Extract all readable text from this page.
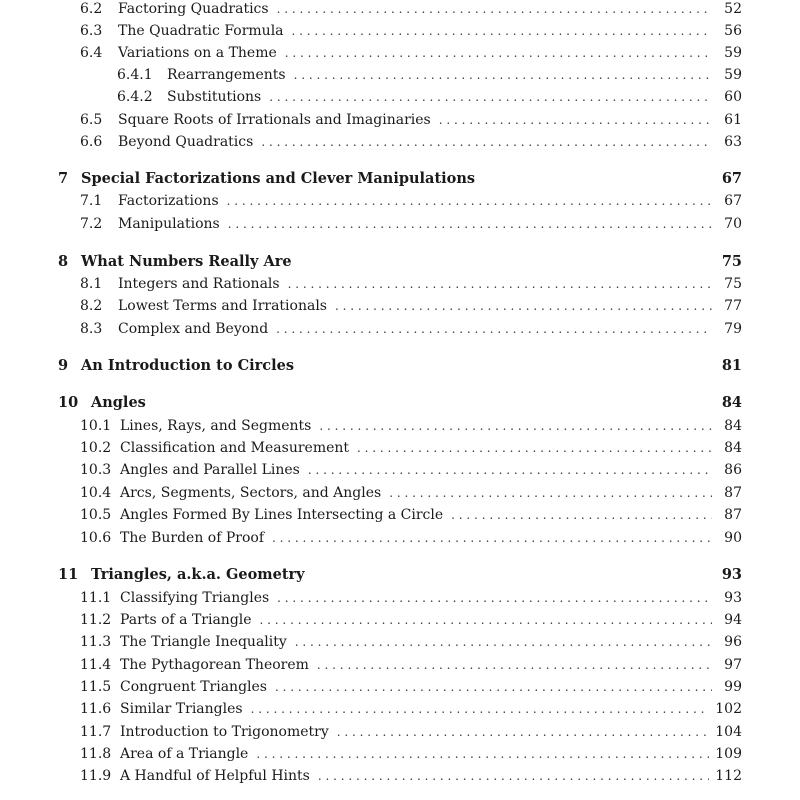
6.2	Factoring Quadratics . . .	52
6.3	The Quadratic Formula . . .	56
6.4	Variations on a Theme . . .	59
6.4.1	Rearrangements . . .	59
6.4.2	Substitutions . . .	60
6.5	Square Roots of Irrationals and Imaginaries . . .	61
6.6	Beyond Quadratics . . .	63
7 Special Factorizations and Clever Manipulations	67
7.1	Factorizations . . .	67
7.2	Manipulations . . .	70
8 What Numbers Really Are	75
8.1	Integers and Rationals . . .	75
8.2	Lowest Terms and Irrationals . . .	77
8.3	Complex and Beyond . . .	79
9 An Introduction to Circles	81
10 Angles	84
10.1 Lines, Rays, and Segments . . .	84
10.2 Classification and Measurement . . .	84
10.3 Angles and Parallel Lines . . .	86
10.4 Arcs, Segments, Sectors, and Angles . . .	87
10.5 Angles Formed By Lines Intersecting a Circle . . .	87
10.6 The Burden of Proof . . .	90
11 Triangles, a.k.a. Geometry	93
11.1 Classifying Triangles . . .	93
11.2 Parts of a Triangle . . .	94
11.3 The Triangle Inequality . . .	96
11.4 The Pythagorean Theorem . . .	97
11.5 Congruent Triangles . . .	99
11.6 Similar Triangles . . .	102
11.7 Introduction to Trigonometry . . .	104
11.8 Area of a Triangle . . .	109
11.9 A Handful of Helpful Hints . . .	112
